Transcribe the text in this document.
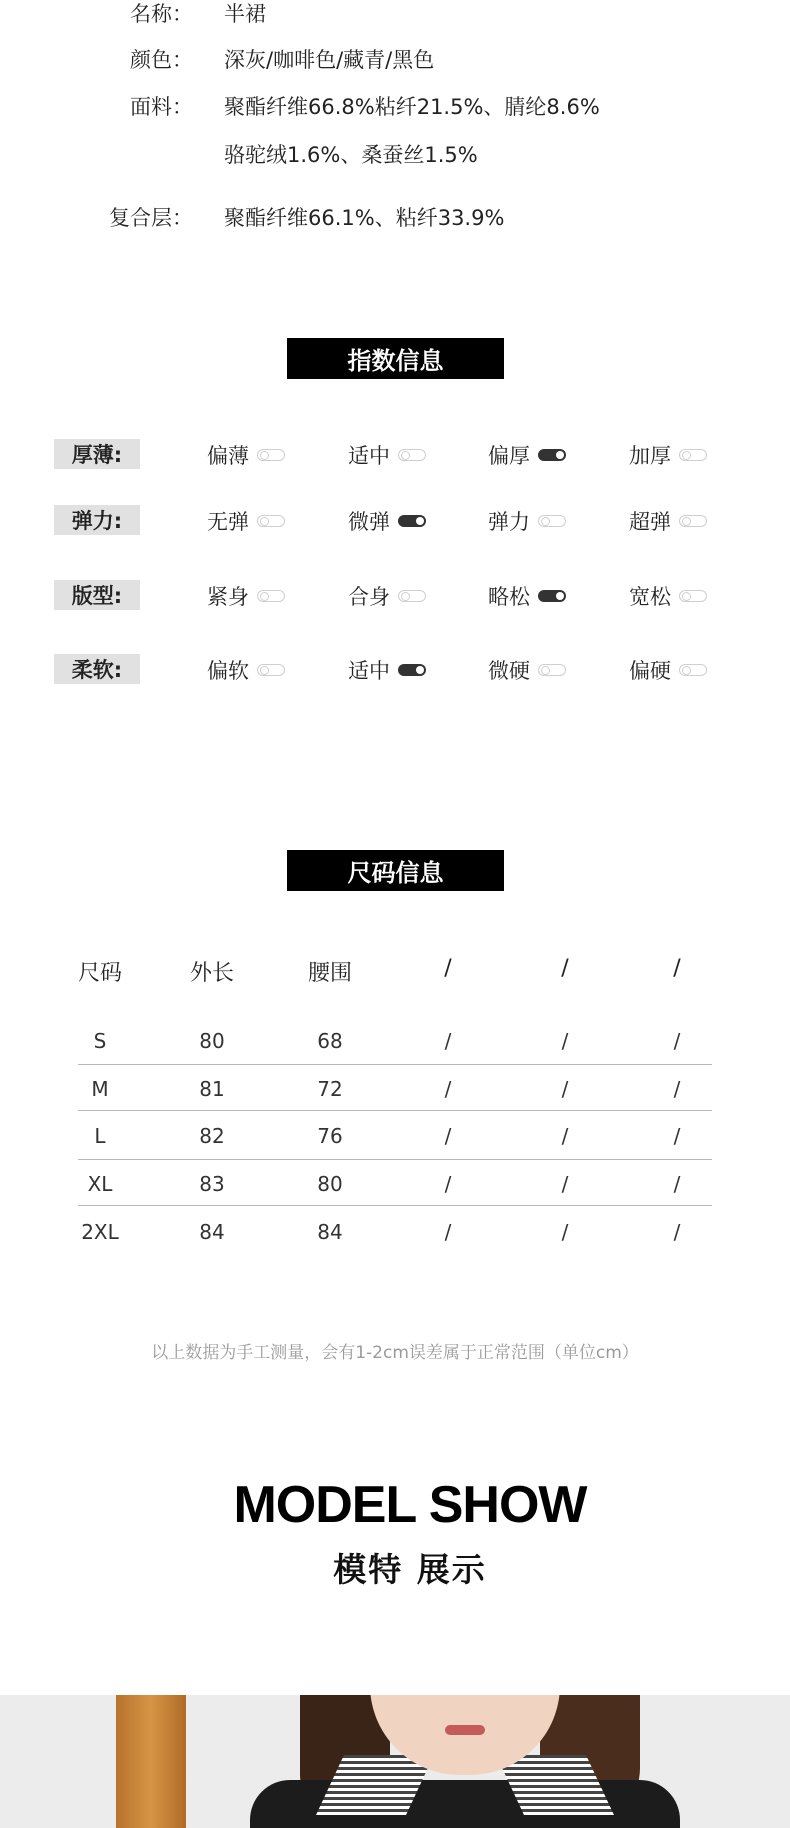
名称： 半裙
颜色： 深灰/咖啡色/藏青/黑色
面料： 聚酯纤维66.8%粘纤21.5%、腈纶8.6%
骆驼绒1.6%、桑蚕丝1.5%
复合层： 聚酯纤维66.1%、粘纤33.9%
指数信息
厚薄:	偏薄	适中	偏厚	加厚
弹力:	无弹	微弹	弹力	超弹
版型:	紧身	合身	略松	宽松
柔软:	偏软	适中	微硬	偏硬
尺码信息
尺码	外长	腰围	/	/	/
S	80	68	/	/	/
M	81	72	/	/	/
L	82	76	/	/	/
XL	83	80	/	/	/
2XL	84	84	/	/	/
以上数据为手工测量，会有1-2cm误差属于正常范围（单位cm）
MODEL SHOW
模特 展示
